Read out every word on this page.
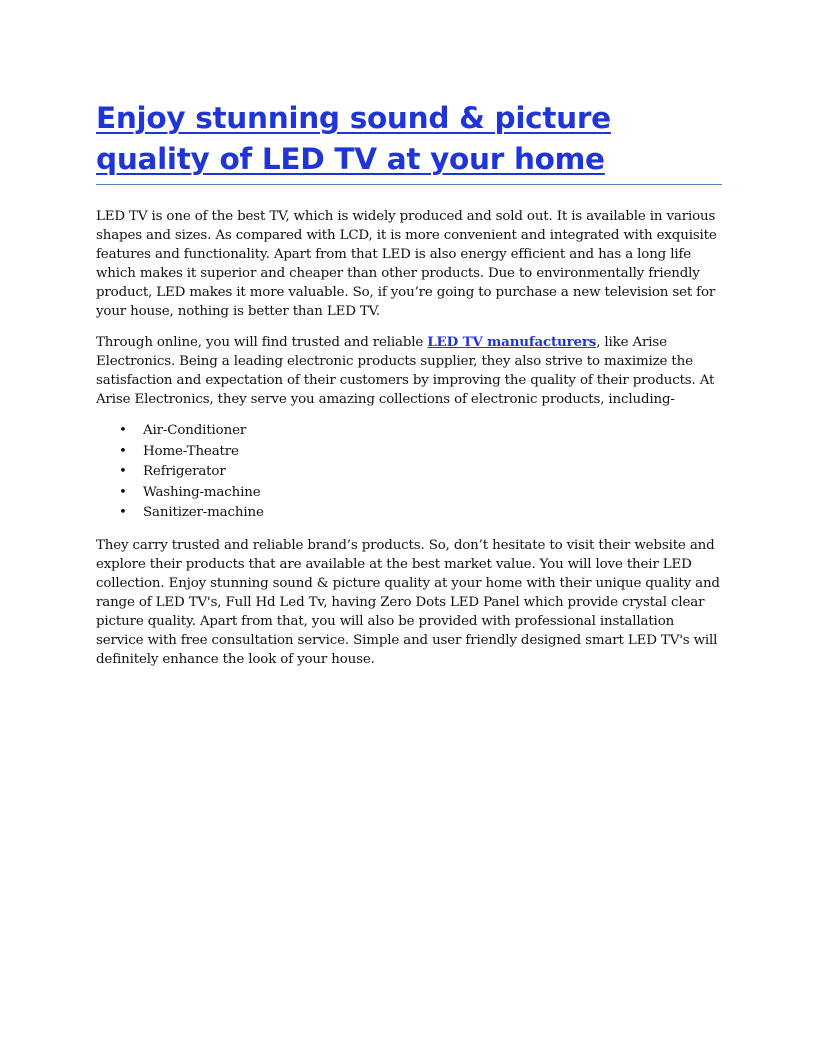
Enjoy stunning sound & picture quality of LED TV at your home

LED TV is one of the best TV, which is widely produced and sold out. It is available in various shapes and sizes. As compared with LCD, it is more convenient and integrated with exquisite features and functionality. Apart from that LED is also energy efficient and has a long life which makes it superior and cheaper than other products. Due to environmentally friendly product, LED makes it more valuable. So, if you’re going to purchase a new television set for your house, nothing is better than LED TV.

Through online, you will find trusted and reliable LED TV manufacturers, like Arise Electronics. Being a leading electronic products supplier, they also strive to maximize the satisfaction and expectation of their customers by improving the quality of their products. At Arise Electronics, they serve you amazing collections of electronic products, including-

• Air-Conditioner
• Home-Theatre
• Refrigerator
• Washing-machine
• Sanitizer-machine

They carry trusted and reliable brand’s products. So, don’t hesitate to visit their website and explore their products that are available at the best market value. You will love their LED collection. Enjoy stunning sound & picture quality at your home with their unique quality and range of LED TV's, Full Hd Led Tv, having Zero Dots LED Panel which provide crystal clear picture quality. Apart from that, you will also be provided with professional installation service with free consultation service. Simple and user friendly designed smart LED TV's will definitely enhance the look of your house.
